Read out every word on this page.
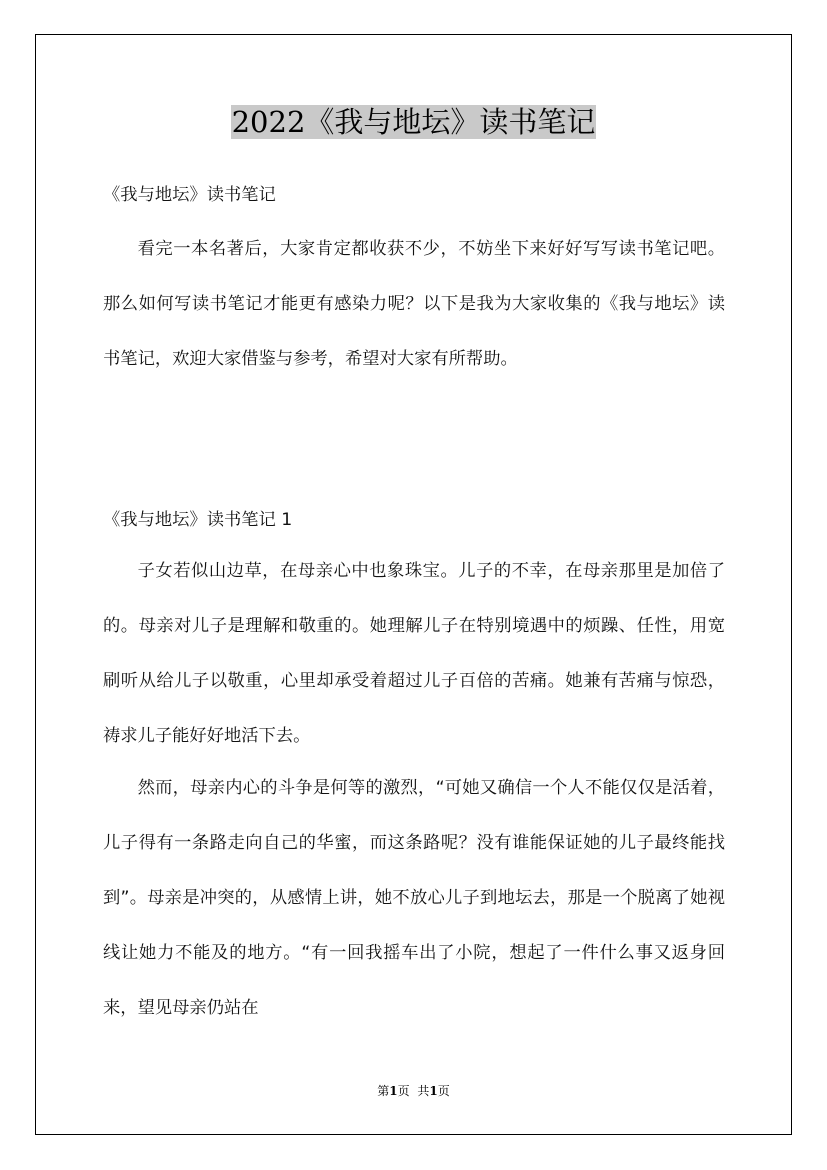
2022《我与地坛》读书笔记

《我与地坛》读书笔记

看完一本名著后，大家肯定都收获不少，不妨坐下来好好写写读书笔记吧。那么如何写读书笔记才能更有感染力呢？以下是我为大家收集的《我与地坛》读书笔记，欢迎大家借鉴与参考，希望对大家有所帮助。

《我与地坛》读书笔记 1

子女若似山边草，在母亲心中也象珠宝。儿子的不幸，在母亲那里是加倍了的。母亲对儿子是理解和敬重的。她理解儿子在特别境遇中的烦躁、任性，用宽刷听从给儿子以敬重，心里却承受着超过儿子百倍的苦痛。她兼有苦痛与惊恐，祷求儿子能好好地活下去。

然而，母亲内心的斗争是何等的激烈，“可她又确信一个人不能仅仅是活着，儿子得有一条路走向自己的华蜜，而这条路呢？没有谁能保证她的儿子最终能找到”。母亲是冲突的，从感情上讲，她不放心儿子到地坛去，那是一个脱离了她视线让她力不能及的地方。“有一回我摇车出了小院，想起了一件什么事又返身回来，望见母亲仍站在

第1页 共1页
